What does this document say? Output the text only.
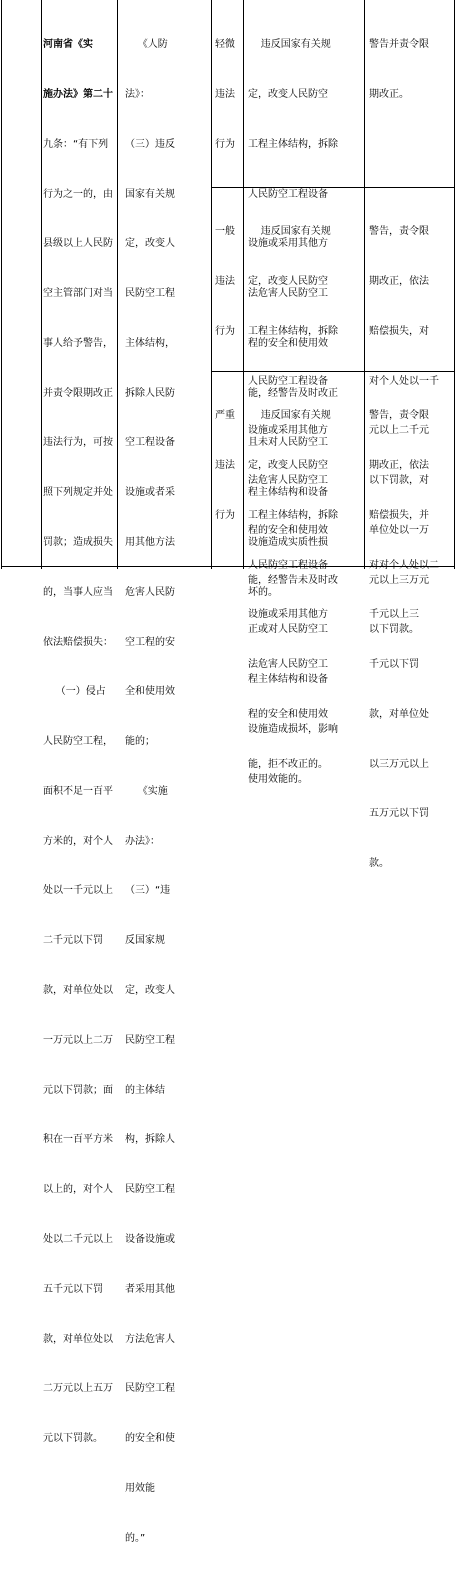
河南省《实

施办法》第二十

九条：“有下列

行为之一的，由

县级以上人民防

空主管部门对当

事人给予警告，

并责令限期改正

违法行为，可按

照下列规定并处

罚款；造成损失

的，当事人应当

依法赔偿损失：

（一）侵占

人民防空工程，

面积不足一百平

方米的，对个人

处以一千元以上

二千元以下罚

款，对单位处以

一万元以上二万

元以下罚款；面

积在一百平方米

以上的，对个人

处以二千元以上

五千元以下罚

款，对单位处以

二万元以上五万

元以下罚款。

《人防

法》：

（三）违反

国家有关规

定，改变人

民防空工程

主体结构，

拆除人民防

空工程设备

设施或者采

用其他方法

危害人民防

空工程的安

全和使用效

能的；

《实施

办法》：

（三）“违

反国家规

定，改变人

民防空工程

的主体结

构，拆除人

民防空工程

设备设施或

者采用其他

方法危害人

民防空工程

的安全和使

用效能

的。”

轻微

违法

行为

违反国家有关规

定，改变人民防空

工程主体结构，拆除

人民防空工程设备

设施或采用其他方

法危害人民防空工

程的安全和使用效

能，经警告及时改正

且未对人民防空工

程主体结构和设备

设施造成实质性损

坏的。

警告并责令限

期改正。

一般

违法

行为

违反国家有关规

定，改变人民防空

工程主体结构，拆除

人民防空工程设备

设施或采用其他方

法危害人民防空工

程的安全和使用效

能，经警告未及时改

正或对人民防空工

程主体结构和设备

设施造成损坏，影响

使用效能的。

警告，责令限

期改正，依法

赔偿损失，对

对个人处以一千

元以上二千元

以下罚款，对

单位处以一万

元以上三万元

以下罚款。

严重

违法

行为

违反国家有关规

定，改变人民防空

工程主体结构，拆除

人民防空工程设备

设施或采用其他方

法危害人民防空工

程的安全和使用效

能，拒不改正的。

警告，责令限

期改正，依法

赔偿损失，并

对对个人处以二

千元以上三

千元以下罚

款，对单位处

以三万元以上

五万元以下罚

款。
